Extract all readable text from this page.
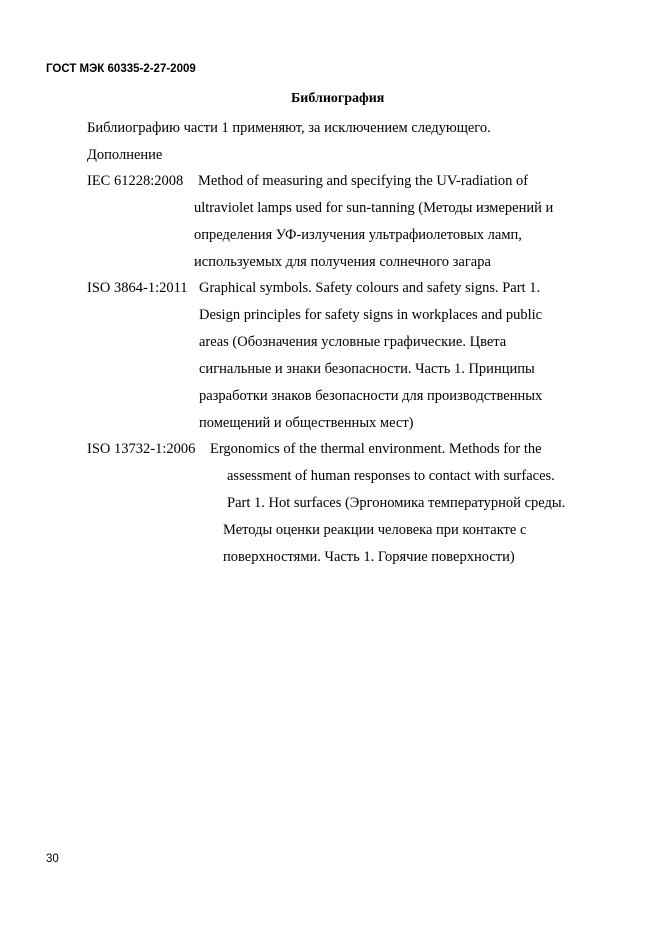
ГОСТ МЭК 60335-2-27-2009
Библиография
Библиографию части 1 применяют, за исключением следующего.
Дополнение
IEC 61228:2008 Method of measuring and specifying the UV-radiation of
ultraviolet lamps used for sun-tanning (Методы измерений и
определения УФ-излучения ультрафиолетовых ламп,
используемых для получения солнечного загара
ISO 3864-1:2011 Graphical symbols. Safety colours and safety signs. Part 1.
Design principles for safety signs in workplaces and public
areas (Обозначения условные графические. Цвета
сигнальные и знаки безопасности. Часть 1. Принципы
разработки знаков безопасности для производственных
помещений и общественных мест)
ISO 13732-1:2006 Ergonomics of the thermal environment. Methods for the
assessment of human responses to contact with surfaces.
Part 1. Hot surfaces (Эргономика температурной среды.
Методы оценки реакции человека при контакте с
поверхностями. Часть 1. Горячие поверхности)
30
